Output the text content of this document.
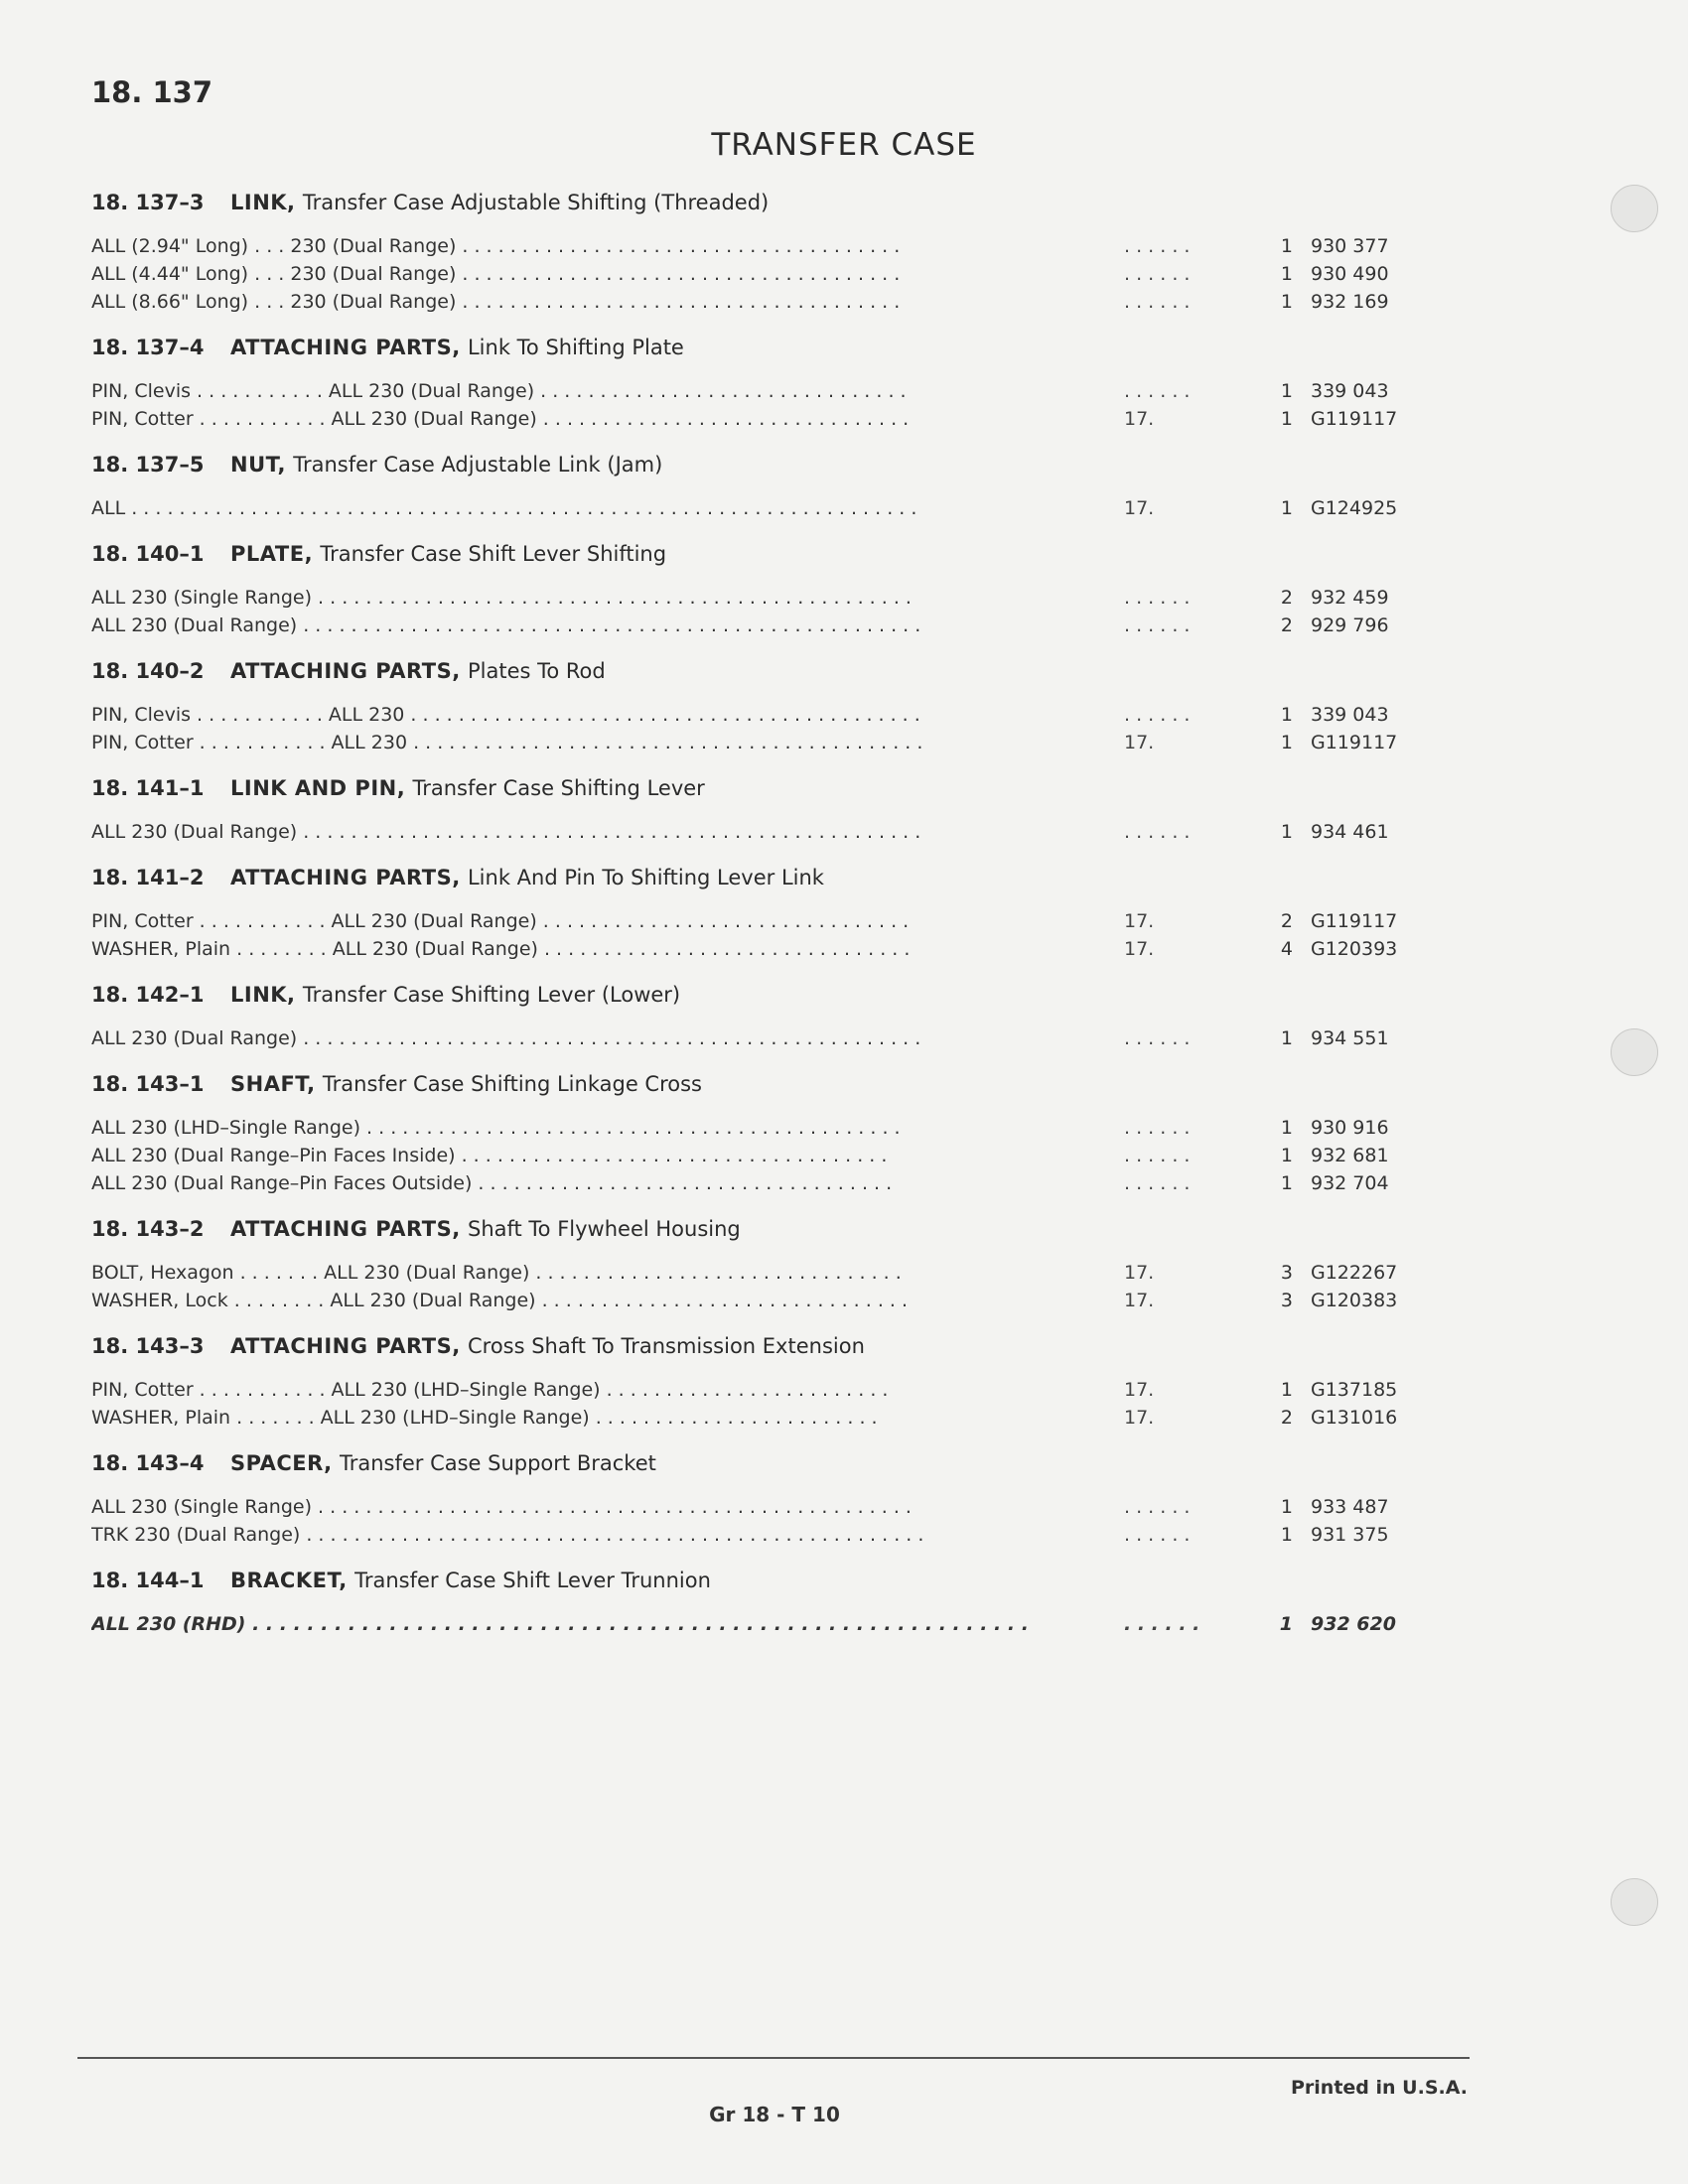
18. 137
TRANSFER CASE
18. 137–3 LINK, Transfer Case Adjustable Shifting (Threaded)
ALL (2.94" Long) . . . 230 (Dual Range) . . . . . . . . . . . . . . . . . . . . . . . . . . . . . . . . . . . . .	. . . . . .	1 930 377
ALL (4.44" Long) . . . 230 (Dual Range) . . . . . . . . . . . . . . . . . . . . . . . . . . . . . . . . . . . . .	. . . . . .	1 930 490
ALL (8.66" Long) . . . 230 (Dual Range) . . . . . . . . . . . . . . . . . . . . . . . . . . . . . . . . . . . . .	. . . . . .	1 932 169
18. 137–4 ATTACHING PARTS, Link To Shifting Plate
PIN, Clevis . . . . . . . . . . . ALL 230 (Dual Range) . . . . . . . . . . . . . . . . . . . . . . . . . . . . . . .	. . . . . .	1 339 043
PIN, Cotter . . . . . . . . . . . ALL 230 (Dual Range) . . . . . . . . . . . . . . . . . . . . . . . . . . . . . . .	17.	1 G119117
18. 137–5 NUT, Transfer Case Adjustable Link (Jam)
ALL . . . . . . . . . . . . . . . . . . . . . . . . . . . . . . . . . . . . . . . . . . . . . . . . . . . . . . . . . . . . . . . . . .	17.	1 G124925
18. 140–1 PLATE, Transfer Case Shift Lever Shifting
ALL 230 (Single Range) . . . . . . . . . . . . . . . . . . . . . . . . . . . . . . . . . . . . . . . . . . . . . . . . . .	. . . . . .	2 932 459
ALL 230 (Dual Range) . . . . . . . . . . . . . . . . . . . . . . . . . . . . . . . . . . . . . . . . . . . . . . . . . . . .	. . . . . .	2 929 796
18. 140–2 ATTACHING PARTS, Plates To Rod
PIN, Clevis . . . . . . . . . . . ALL 230 . . . . . . . . . . . . . . . . . . . . . . . . . . . . . . . . . . . . . . . . . . .	. . . . . .	1 339 043
PIN, Cotter . . . . . . . . . . . ALL 230 . . . . . . . . . . . . . . . . . . . . . . . . . . . . . . . . . . . . . . . . . . .	17.	1 G119117
18. 141–1 LINK AND PIN, Transfer Case Shifting Lever
ALL 230 (Dual Range) . . . . . . . . . . . . . . . . . . . . . . . . . . . . . . . . . . . . . . . . . . . . . . . . . . . .	. . . . . .	1 934 461
18. 141–2 ATTACHING PARTS, Link And Pin To Shifting Lever Link
PIN, Cotter . . . . . . . . . . . ALL 230 (Dual Range) . . . . . . . . . . . . . . . . . . . . . . . . . . . . . . .	17.	2 G119117
WASHER, Plain . . . . . . . . ALL 230 (Dual Range) . . . . . . . . . . . . . . . . . . . . . . . . . . . . . . .	17.	4 G120393
18. 142–1 LINK, Transfer Case Shifting Lever (Lower)
ALL 230 (Dual Range) . . . . . . . . . . . . . . . . . . . . . . . . . . . . . . . . . . . . . . . . . . . . . . . . . . . .	. . . . . .	1 934 551
18. 143–1 SHAFT, Transfer Case Shifting Linkage Cross
ALL 230 (LHD–Single Range) . . . . . . . . . . . . . . . . . . . . . . . . . . . . . . . . . . . . . . . . . . . . .	. . . . . .	1 930 916
ALL 230 (Dual Range–Pin Faces Inside) . . . . . . . . . . . . . . . . . . . . . . . . . . . . . . . . . . . .	. . . . . .	1 932 681
ALL 230 (Dual Range–Pin Faces Outside) . . . . . . . . . . . . . . . . . . . . . . . . . . . . . . . . . . .	. . . . . .	1 932 704
18. 143–2 ATTACHING PARTS, Shaft To Flywheel Housing
BOLT, Hexagon . . . . . . . ALL 230 (Dual Range) . . . . . . . . . . . . . . . . . . . . . . . . . . . . . . .	17.	3 G122267
WASHER, Lock . . . . . . . . ALL 230 (Dual Range) . . . . . . . . . . . . . . . . . . . . . . . . . . . . . . .	17.	3 G120383
18. 143–3 ATTACHING PARTS, Cross Shaft To Transmission Extension
PIN, Cotter . . . . . . . . . . . ALL 230 (LHD–Single Range) . . . . . . . . . . . . . . . . . . . . . . . .	17.	1 G137185
WASHER, Plain . . . . . . . ALL 230 (LHD–Single Range) . . . . . . . . . . . . . . . . . . . . . . . .	17.	2 G131016
18. 143–4 SPACER, Transfer Case Support Bracket
ALL 230 (Single Range) . . . . . . . . . . . . . . . . . . . . . . . . . . . . . . . . . . . . . . . . . . . . . . . . . .	. . . . . .	1 933 487
TRK 230 (Dual Range) . . . . . . . . . . . . . . . . . . . . . . . . . . . . . . . . . . . . . . . . . . . . . . . . . . . .	. . . . . .	1 931 375
18. 144–1 BRACKET, Transfer Case Shift Lever Trunnion
ALL 230 (RHD) . . . . . . . . . . . . . . . . . . . . . . . . . . . . . . . . . . . . . . . . . . . . . . . . . . . . . . . . .	. . . . . .	1 932 620
Printed in U.S.A.
Gr 18 - T 10
